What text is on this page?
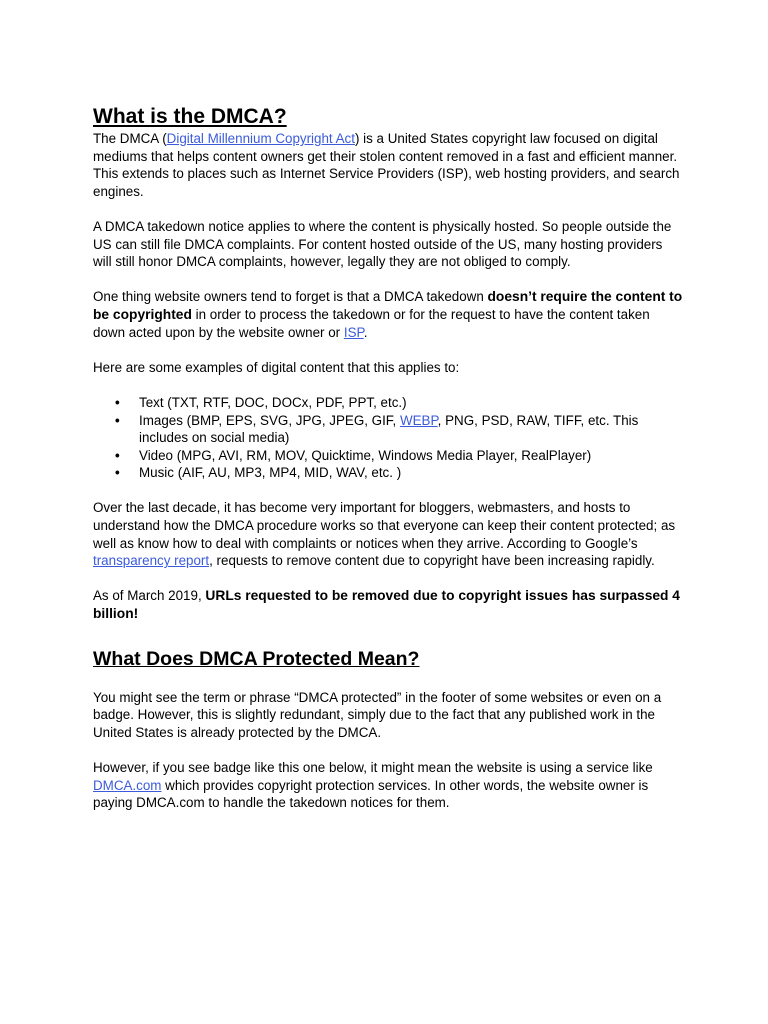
What is the DMCA?

The DMCA (Digital Millennium Copyright Act) is a United States copyright law focused on digital mediums that helps content owners get their stolen content removed in a fast and efficient manner. This extends to places such as Internet Service Providers (ISP), web hosting providers, and search engines.

A DMCA takedown notice applies to where the content is physically hosted. So people outside the US can still file DMCA complaints. For content hosted outside of the US, many hosting providers will still honor DMCA complaints, however, legally they are not obliged to comply.

One thing website owners tend to forget is that a DMCA takedown doesn’t require the content to be copyrighted in order to process the takedown or for the request to have the content taken down acted upon by the website owner or ISP.

Here are some examples of digital content that this applies to:

• Text (TXT, RTF, DOC, DOCx, PDF, PPT, etc.)
• Images (BMP, EPS, SVG, JPG, JPEG, GIF, WEBP, PNG, PSD, RAW, TIFF, etc. This includes on social media)
• Video (MPG, AVI, RM, MOV, Quicktime, Windows Media Player, RealPlayer)
• Music (AIF, AU, MP3, MP4, MID, WAV, etc. )

Over the last decade, it has become very important for bloggers, webmasters, and hosts to understand how the DMCA procedure works so that everyone can keep their content protected; as well as know how to deal with complaints or notices when they arrive. According to Google’s transparency report, requests to remove content due to copyright have been increasing rapidly.

As of March 2019, URLs requested to be removed due to copyright issues has surpassed 4 billion!

What Does DMCA Protected Mean?

You might see the term or phrase “DMCA protected” in the footer of some websites or even on a badge. However, this is slightly redundant, simply due to the fact that any published work in the United States is already protected by the DMCA.

However, if you see badge like this one below, it might mean the website is using a service like DMCA.com which provides copyright protection services. In other words, the website owner is paying DMCA.com to handle the takedown notices for them.
